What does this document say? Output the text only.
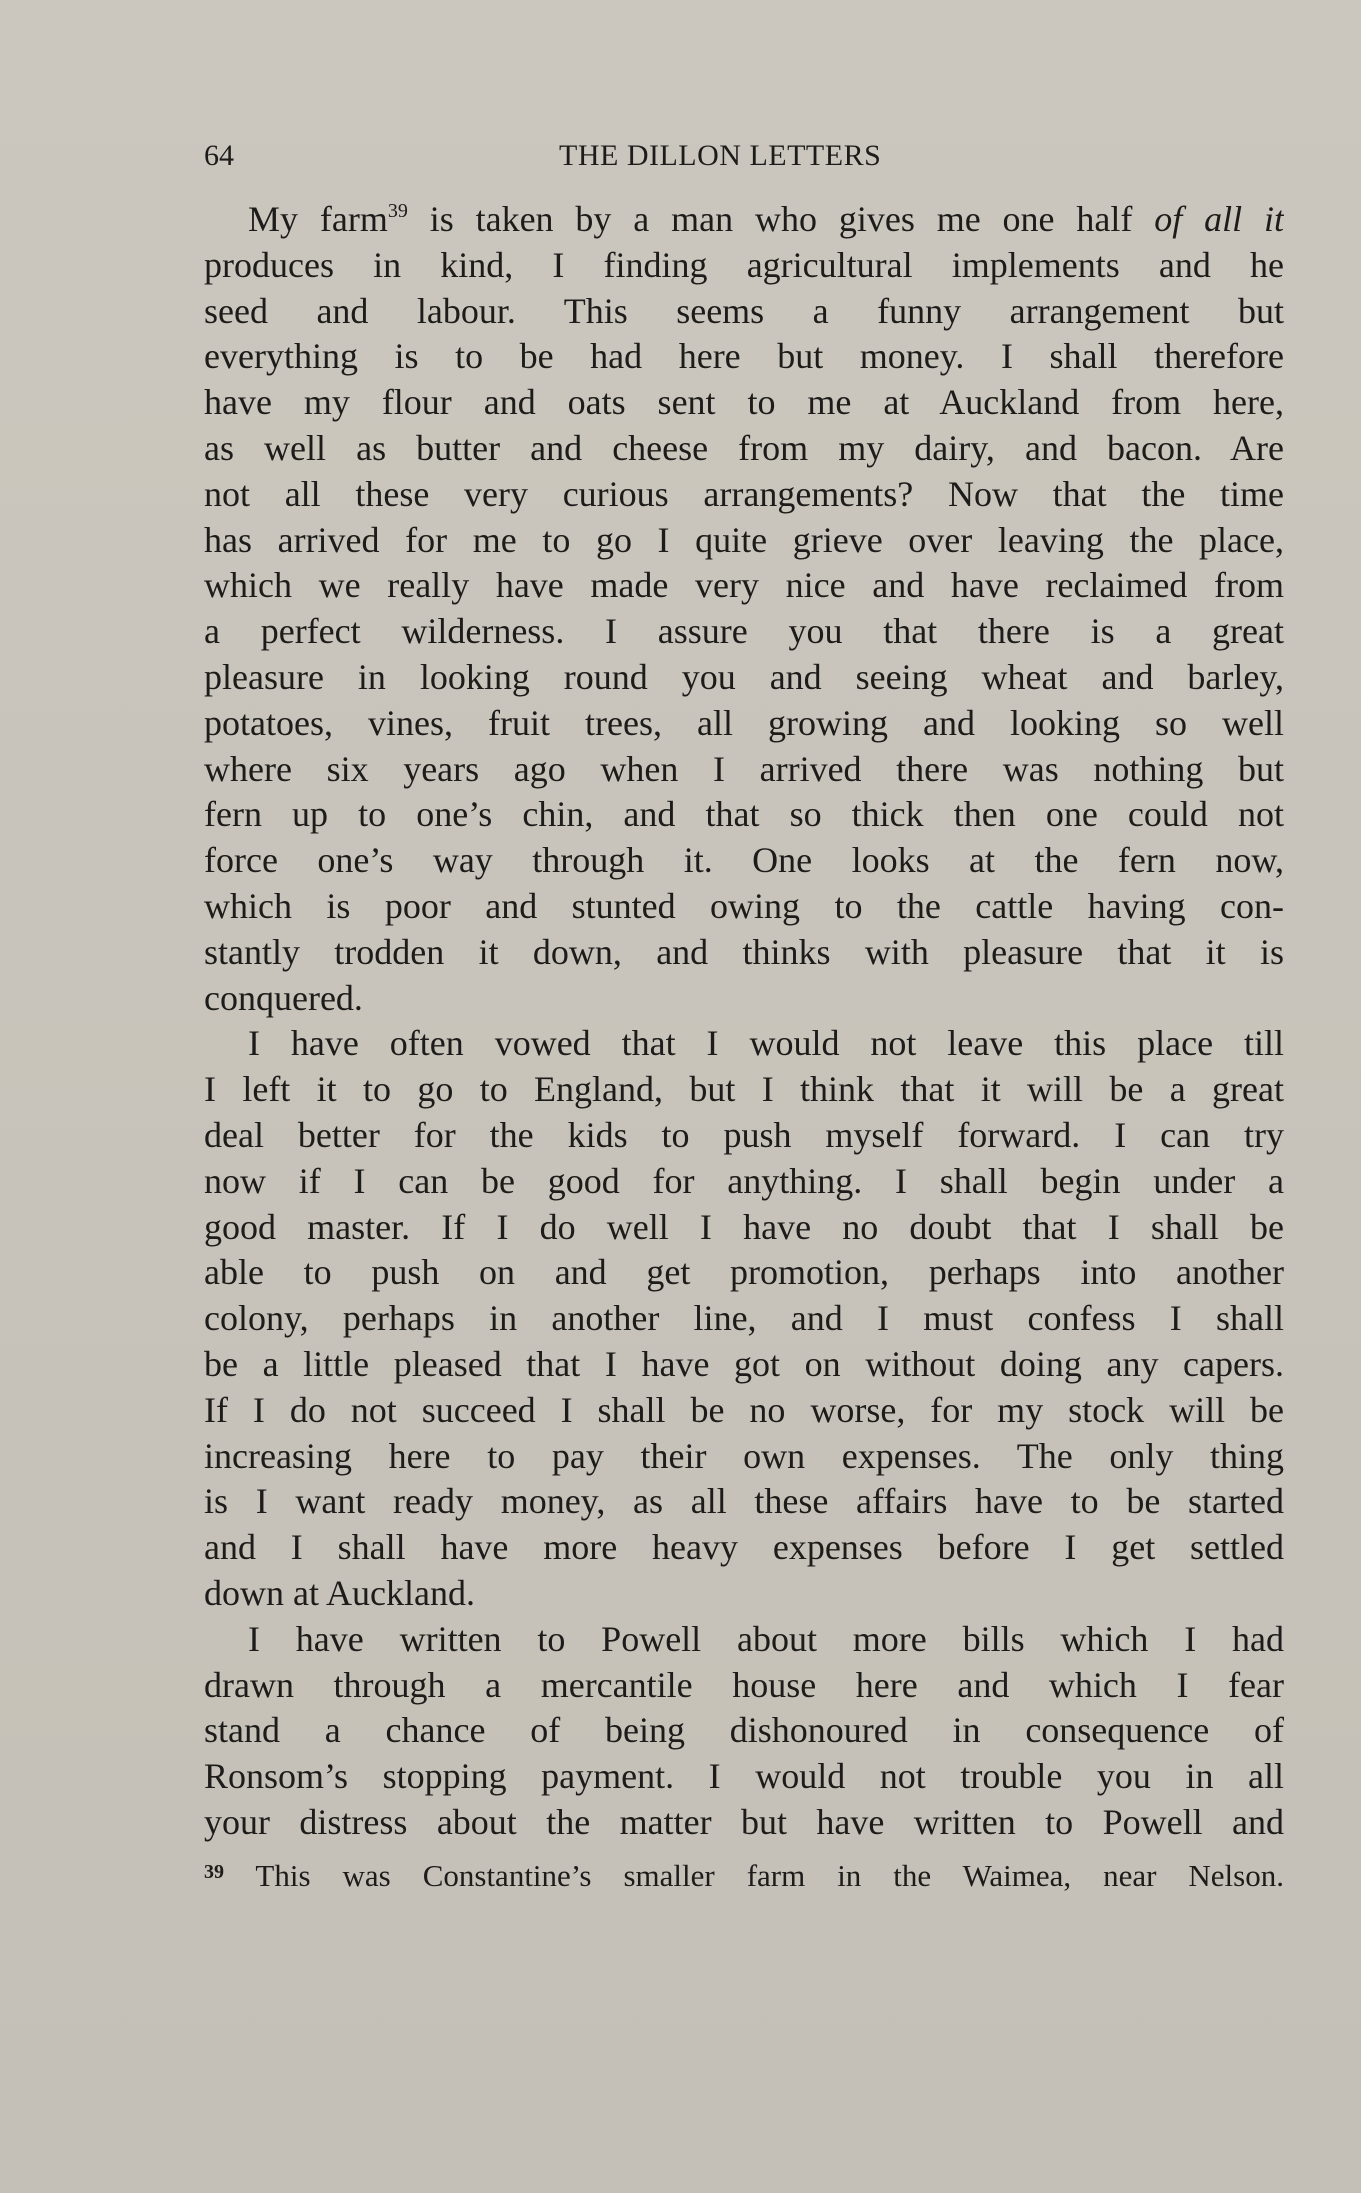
64	THE DILLON LETTERS
My farm$^{39}$ is taken by a man who gives me one half of all it
produces in kind, I finding agricultural implements and he
seed and labour. This seems a funny arrangement but
everything is to be had here but money. I shall therefore
have my flour and oats sent to me at Auckland from here,
as well as butter and cheese from my dairy, and bacon. Are
not all these very curious arrangements? Now that the time
has arrived for me to go I quite grieve over leaving the place,
which we really have made very nice and have reclaimed from
a perfect wilderness. I assure you that there is a great
pleasure in looking round you and seeing wheat and barley,
potatoes, vines, fruit trees, all growing and looking so well
where six years ago when I arrived there was nothing but
fern up to one’s chin, and that so thick then one could not
force one’s way through it. One looks at the fern now,
which is poor and stunted owing to the cattle having con-
stantly trodden it down, and thinks with pleasure that it is
conquered.
I have often vowed that I would not leave this place till
I left it to go to England, but I think that it will be a great
deal better for the kids to push myself forward. I can try
now if I can be good for anything. I shall begin under a
good master. If I do well I have no doubt that I shall be
able to push on and get promotion, perhaps into another
colony, perhaps in another line, and I must confess I shall
be a little pleased that I have got on without doing any capers.
If I do not succeed I shall be no worse, for my stock will be
increasing here to pay their own expenses. The only thing
is I want ready money, as all these affairs have to be started
and I shall have more heavy expenses before I get settled
down at Auckland.
I have written to Powell about more bills which I had
drawn through a mercantile house here and which I fear
stand a chance of being dishonoured in consequence of
Ronsom’s stopping payment. I would not trouble you in all
your distress about the matter but have written to Powell and
$^{39}$ This was Constantine’s smaller farm in the Waimea, near Nelson.
